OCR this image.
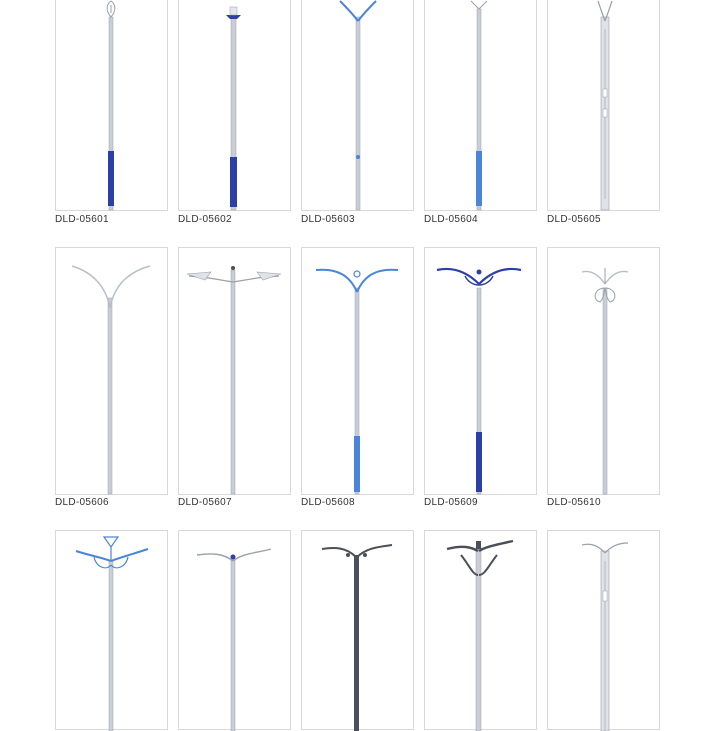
DLD-05601	DLD-05602	DLD-05603	DLD-05604	DLD-05605
DLD-05606	DLD-05607	DLD-05608	DLD-05609	DLD-05610
